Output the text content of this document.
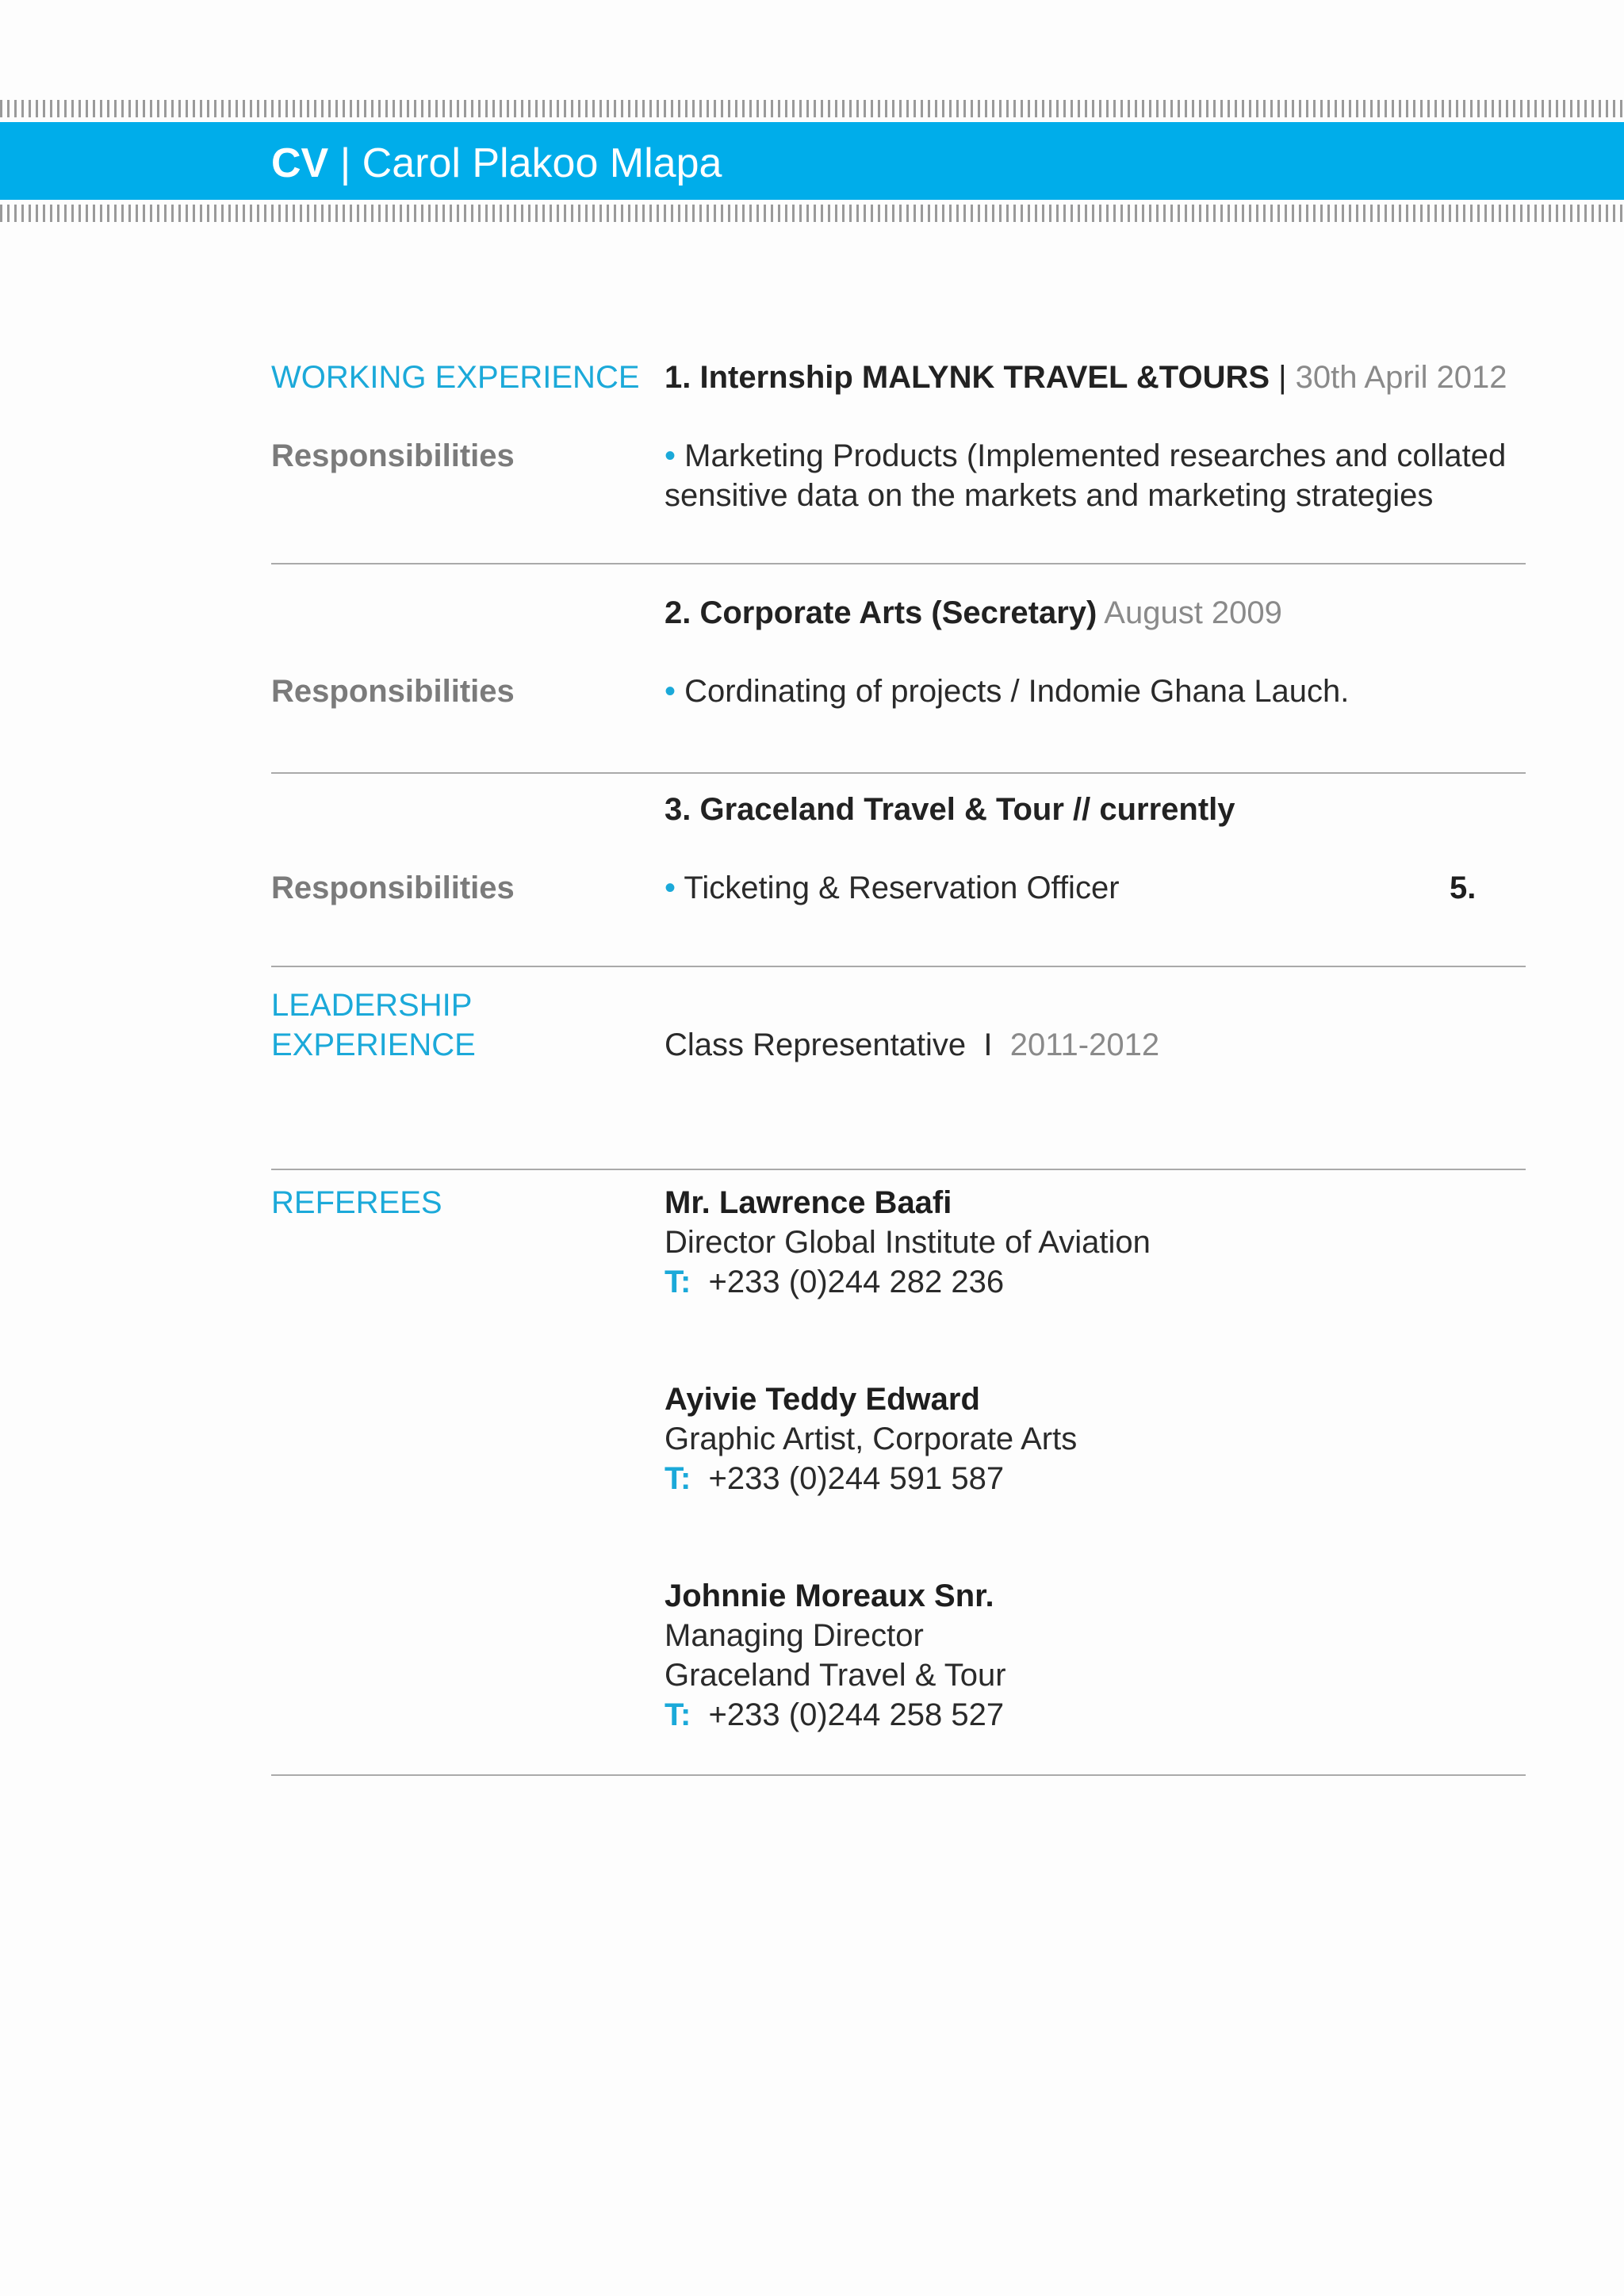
CV | Carol Plakoo Mlapa
WORKING EXPERIENCE 1. Internship MALYNK TRAVEL &TOURS | 30th April 2012
Responsibilities	• Marketing Products (Implemented researches and collated
sensitive data on the markets and marketing strategies
2. Corporate Arts (Secretary) August 2009
Responsibilities	• Cordinating of projects / Indomie Ghana Lauch.
3. Graceland Travel & Tour // currently
Responsibilities	• Ticketing & Reservation Officer	5.
LEADERSHIP
EXPERIENCE	Class Representative  I  2011-2012
REFEREES	Mr. Lawrence Baafi
Director Global Institute of Aviation
T:  +233 (0)244 282 236
Ayivie Teddy Edward
Graphic Artist, Corporate Arts
T:  +233 (0)244 591 587
Johnnie Moreaux Snr.
Managing Director
Graceland Travel & Tour
T:  +233 (0)244 258 527
